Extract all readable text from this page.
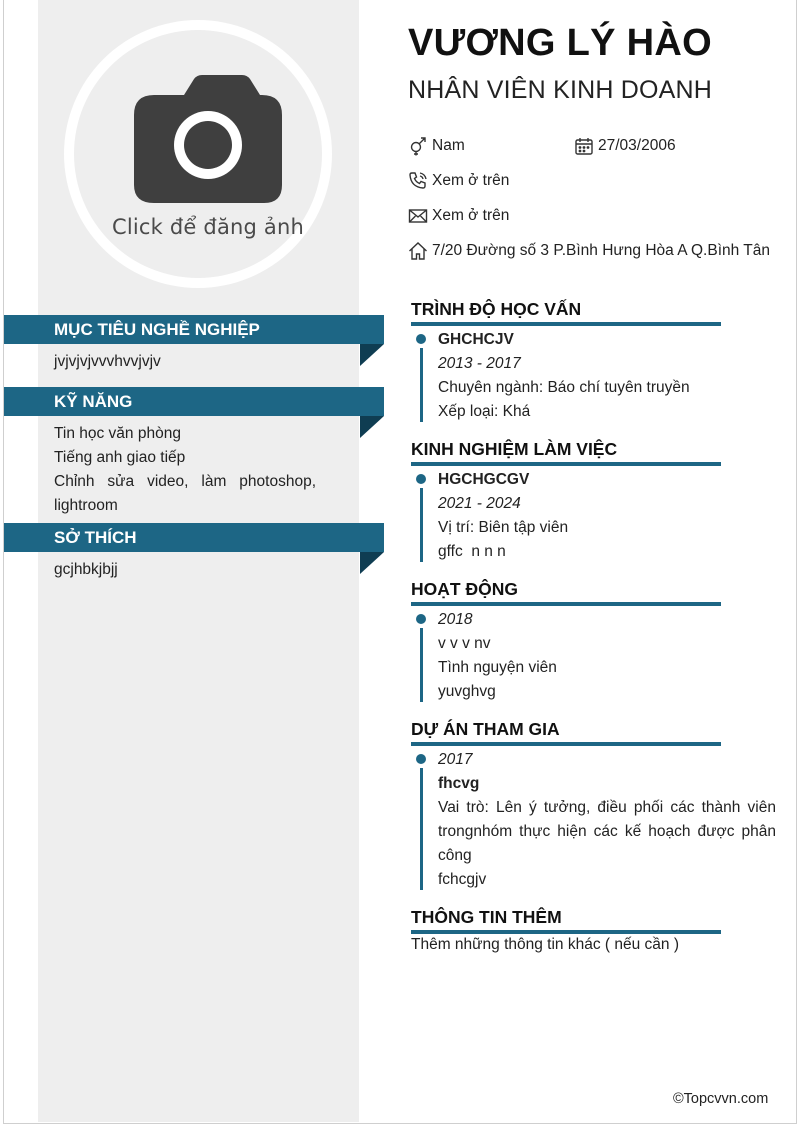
Click để đăng ảnh
MỤC TIÊU NGHỀ NGHIỆP
jvjvjvjvvvhvvjvjv
KỸ NĂNG
Tin học văn phòng
Tiếng anh giao tiếp
Chỉnh sửa video, làm photoshop, lightroom
SỞ THÍCH
gcjhbkjbjj
VƯƠNG LÝ HÀO
NHÂN VIÊN KINH DOANH
Nam	27/03/2006
Xem ở trên
Xem ở trên
7/20 Đường số 3 P.Bình Hưng Hòa A Q.Bình Tân
TRÌNH ĐỘ HỌC VẤN
GHCHCJV
2013 - 2017
Chuyên ngành: Báo chí tuyên truyền
Xếp loại: Khá
KINH NGHIỆM LÀM VIỆC
HGCHGCGV
2021 - 2024
Vị trí: Biên tập viên
gffc  n n n
HOẠT ĐỘNG
2018
v v v nv
Tình nguyện viên
yuvghvg
DỰ ÁN THAM GIA
2017
fhcvg
Vai trò: Lên ý tưởng, điều phối các thành viên trongnhóm thực hiện các kế hoạch được phân công
fchcgjv
THÔNG TIN THÊM
Thêm những thông tin khác ( nếu cần )
©Topcvvn.com
